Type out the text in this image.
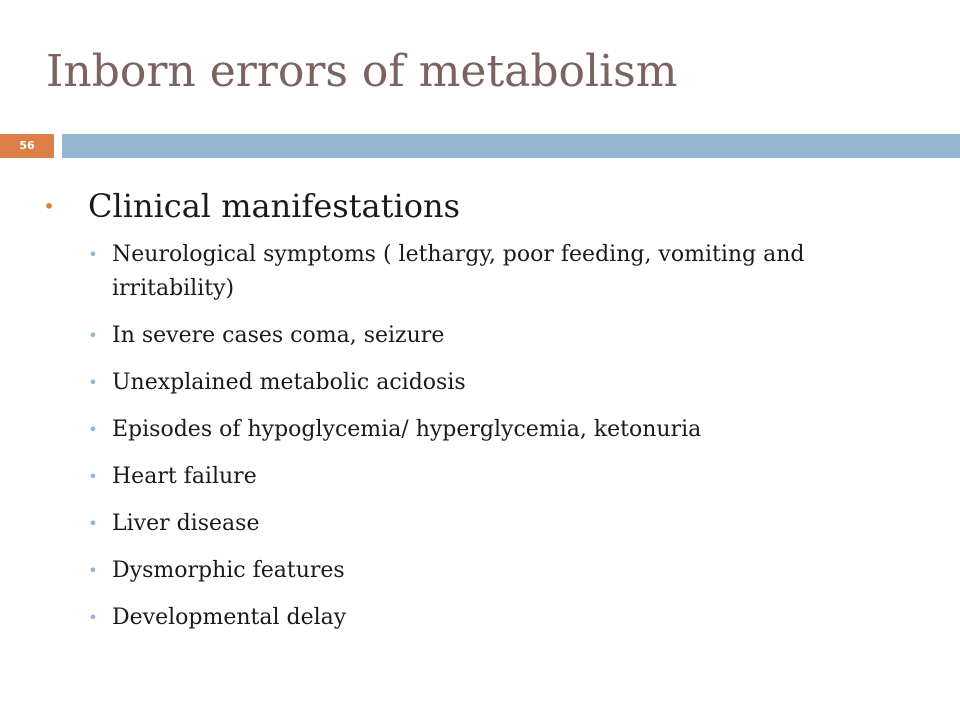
Inborn errors of metabolism
56
• Clinical manifestations
• Neurological symptoms ( lethargy, poor feeding, vomiting and irritability)
• In severe cases coma, seizure
• Unexplained metabolic acidosis
• Episodes of hypoglycemia/ hyperglycemia, ketonuria
• Heart failure
• Liver disease
• Dysmorphic features
• Developmental delay
